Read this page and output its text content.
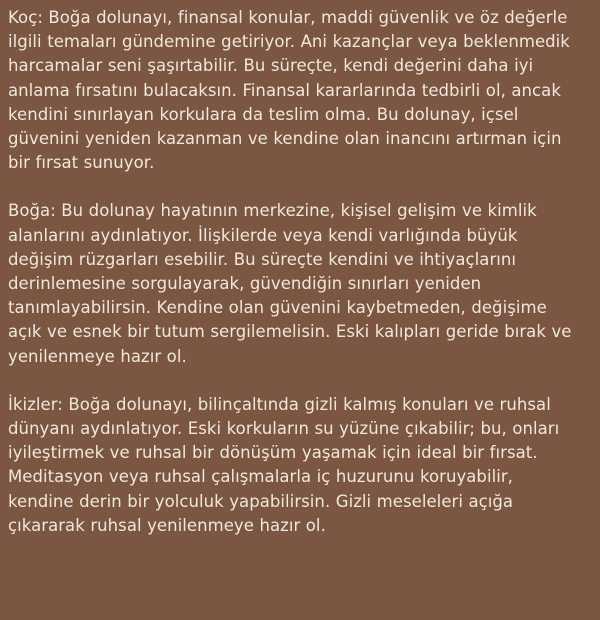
Koç: Boğa dolunayı, finansal konular, maddi güvenlik ve öz değerle ilgili temaları gündemine getiriyor. Ani kazançlar veya beklenmedik harcamalar seni şaşırtabilir. Bu süreçte, kendi değerini daha iyi anlama fırsatını bulacaksın. Finansal kararlarında tedbirli ol, ancak kendini sınırlayan korkulara da teslim olma. Bu dolunay, içsel güvenini yeniden kazanman ve kendine olan inancını artırman için bir fırsat sunuyor.

Boğa: Bu dolunay hayatının merkezine, kişisel gelişim ve kimlik alanlarını aydınlatıyor. İlişkilerde veya kendi varlığında büyük değişim rüzgarları esebilir. Bu süreçte kendini ve ihtiyaçlarını derinlemesine sorgulayarak, güvendiğin sınırları yeniden tanımlayabilirsin. Kendine olan güvenini kaybetmeden, değişime açık ve esnek bir tutum sergilemelisin. Eski kalıpları geride bırak ve yenilenmeye hazır ol.

İkizler: Boğa dolunayı, bilinçaltında gizli kalmış konuları ve ruhsal dünyanı aydınlatıyor. Eski korkuların su yüzüne çıkabilir; bu, onları iyileştirmek ve ruhsal bir dönüşüm yaşamak için ideal bir fırsat. Meditasyon veya ruhsal çalışmalarla iç huzurunu koruyabilir, kendine derin bir yolculuk yapabilirsin. Gizli meseleleri açığa çıkararak ruhsal yenilenmeye hazır ol.
